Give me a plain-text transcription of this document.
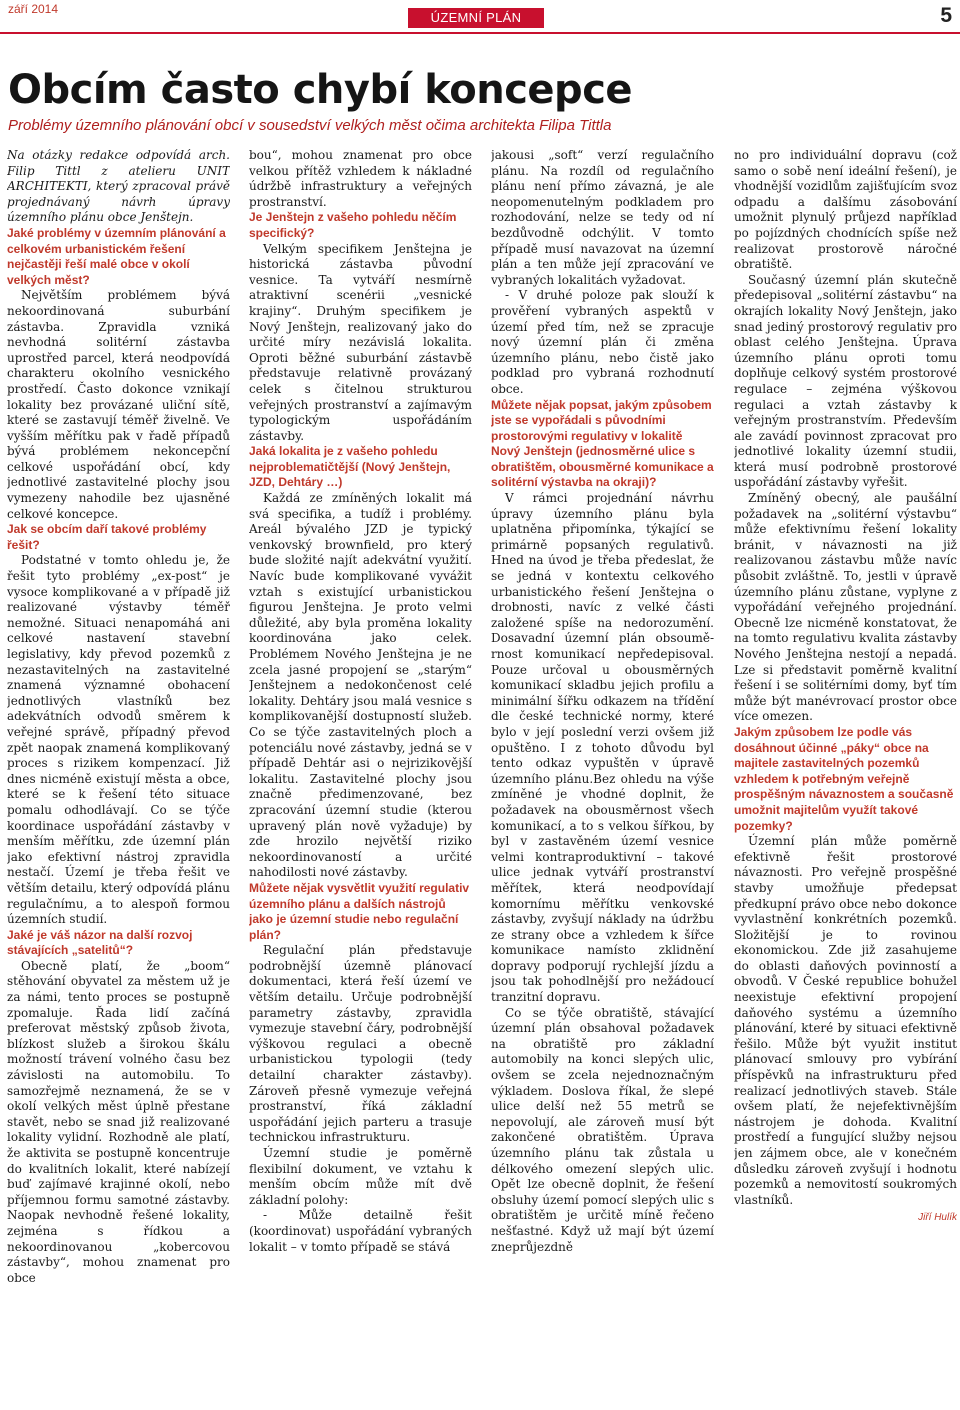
září 2014
ÚZEMNÍ PLÁN	5
Obcím často chybí koncepce

Problémy územního plánování obcí v sousedství velkých měst očima architekta Filipa Tittla

Na otázky redakce odpovídá arch. Filip Tittl z atelieru UNIT ARCHITEKTI, který zpracoval právě projednávaný návrh úpravy územního plánu obce Jenštejn.

Jaké problémy v územním plánování a celkovém urbanistickém řešení nejčastěji řeší malé obce v okolí velkých měst?

Největším problémem bývá nekoordinovaná suburbání zástavba. Zpravidla vzniká nevhodná solitérní zástavba uprostřed parcel, která neodpovídá charakteru okolního vesnického prostředí. Často dokonce vznikají lokality bez provázané uliční sítě, které se zastavují téměř živelně. Ve vyšším měřítku pak v řadě případů bývá problémem nekoncepční celkové uspořádání obcí, kdy jednotlivé zastavitelné plochy jsou vymezeny nahodile bez ujasněné celkové koncepce.

Jak se obcím daří takové problémy řešit?

Podstatné v tomto ohledu je, že řešit tyto problémy „ex-post“ je vysoce komplikované a v případě již realizované výstavby téměř nemožné. Situaci nenapomáhá ani celkové nastavení stavební legislativy, kdy převod pozemků z nezastavitelných na zastavitelné znamená významné obohacení jednotlivých vlastníků bez adekvátních odvodů směrem k veřejné správě, případný převod zpět naopak znamená komplikovaný proces s rizikem kompenzací. Již dnes nicméně existují města a obce, které se k řešení této situace pomalu odhodlávají. Co se týče koordinace uspořádání zástavby v menším měřítku, zde územní plán jako efektivní nástroj zpravidla nestačí. Území je třeba řešit ve větším detailu, který odpovídá plánu regulačnímu, a to alespoň formou územních studií.

Jaké je váš názor na další rozvoj stávajících „satelitů“?

Obecně platí, že „boom“ stěhování obyvatel za městem už je za námi, tento proces se postupně zpomaluje. Řada lidí začíná preferovat městský způsob života, blízkost služeb a širokou škálu možností trávení volného času bez závislosti na automobilu. To samozřejmě neznamená, že se v okolí velkých měst úplně přestane stavět, nebo se snad již realizované lokality vylidní. Rozhodně ale platí, že aktivita se postupně koncentruje do kvalitních lokalit, které nabízejí buď zajímavé krajinné okolí, nebo příjemnou formu samotné zástavby. Naopak nevhodně řešené lokality, zejména s řídkou a nekoordinovanou „kobercovou zástavby“, mohou znamenat pro obce

bou“, mohou znamenat pro obce velkou přítěž vzhledem k nákladné údržbě infrastruktury a veřejných prostranství.

Je Jenštejn z vašeho pohledu něčím specifický?

Velkým specifikem Jenštejna je historická zástavba původní vesnice. Ta vytváří nesmírně atraktivní scenérii „vesnické krajiny“. Druhým specifikem je Nový Jenštejn, realizovaný jako do určité míry nezávislá lokalita. Oproti běžné suburbání zástavbě představuje relativně provázaný celek s čitelnou strukturou veřejných prostranství a zajímavým typologickým uspořádáním zástavby.

Jaká lokalita je z vašeho pohledu nejproblematičtější (Nový Jenštejn, JZD, Dehtáry …)

Každá ze zmíněných lokalit má svá specifika, a tudíž i problémy. Areál bývalého JZD je typický venkovský brownfield, pro který bude složité najít adekvátní využití. Navíc bude komplikované vyvážit vztah s existující urbanistickou figurou Jenštejna. Je proto velmi důležité, aby byla proměna lokality koordinována jako celek. Problémem Nového Jenštejna je ne zcela jasné propojení se „starým“ Jenštejnem a nedokončenost celé lokality. Dehtáry jsou malá vesnice s komplikovanější dostupností služeb. Co se týče zastavitelných ploch a potenciálu nové zástavby, jedná se v případě Dehtár asi o nejrizikovější lokalitu. Zastavitelné plochy jsou značně předimenzované, bez zpracování územní studie (kterou upravený plán nově vyžaduje) by zde hrozilo největší riziko nekoordinovaností a určité nahodilosti nové zástavby.

Můžete nějak vysvětlit využití regulativ územního plánu a dalších nástrojů jako je územní studie nebo regulační plán?

Regulační plán představuje podrobnější územně plánovací dokumentaci, která řeší území ve větším detailu. Určuje podrobnější parametry zástavby, zpravidla vymezuje stavební čáry, podrobnější výškovou regulaci a obecně urbanistickou typologii (tedy detailní charakter zástavby). Zároveň přesně vymezuje veřejná prostranství, říká základní uspořádání jejich parteru a trasuje technickou infrastrukturu.

Územní studie je poměrně flexibilní dokument, ve vztahu k menším obcím může mít dvě základní polohy:

- Může detailně řešit (koordinovat) uspořádání vybraných lokalit – v tomto případě se stává

jakousi „soft“ verzí regulačního plánu. Na rozdíl od regulačního plánu není přímo závazná, je ale neopomenutelným podkladem pro rozhodování, nelze se tedy od ní bezdůvodně odchýlit. V tomto případě musí navazovat na územní plán a ten může její zpracování ve vybraných lokalitách vyžadovat.

- V druhé poloze pak slouží k prověření vybraných aspektů v území před tím, než se zpracuje nový územní plán či změna územního plánu, nebo čistě jako podklad pro vybraná rozhodnutí obce.

Můžete nějak popsat, jakým způsobem jste se vypořádali s původními prostorovými regulativy v lokalitě Nový Jenštejn (jednosměrné ulice s obratištěm, obousměrné komunikace a solitérní výstavba na okraji)?

V rámci projednání návrhu úpravy územního plánu byla uplatněna připomínka, týkající se primárně popsaných regulativů. Hned na úvod je třeba předeslat, že se jedná v kontextu celkového urbanistického řešení Jenštejna o drobnosti, navíc z velké části založené spíše na nedorozumění. Dosavadní územní plán obsouměrnost komunikací nepředepisoval. Pouze určoval u obousměrných komunikací skladbu jejich profilu a minimální šířku odkazem na třídění dle české technické normy, které bylo v její poslední verzi ovšem již opuštěno. I z tohoto důvodu byl tento odkaz vypuštěn v úpravě územního plánu.Bez ohledu na výše zmíněné je vhodné doplnit, že požadavek na obousměrnost všech komunikací, a to s velkou šířkou, by byl v zastavěném území vesnice velmi kontraproduktivní – takové ulice jednak vytváří prostranství měřítek, která neodpovídají komornímu měřítku venkovské zástavby, zvyšují náklady na údržbu ze strany obce a vzhledem k šířce komunikace namísto zklidnění dopravy podporují rychlejší jízdu a jsou tak pohodlnější pro nežádoucí tranzitní dopravu.

Co se týče obratiště, stávající územní plán obsahoval požadavek na obratiště pro základní automobily na konci slepých ulic, ovšem se zcela nejednoznačným výkladem. Doslova říkal, že slepé ulice delší než 55 metrů se nepovolují, ale zároveň musí být zakončené obratištěm. Úprava územního plánu tak zůstala u délkového omezení slepých ulic. Opět lze obecně doplnit, že řešení obsluhy území pomocí slepých ulic s obratištěm je určitě míně řečeno nešťastné. Když už mají být území zneprůjezdně

no pro individuální dopravu (což samo o sobě není ideální řešení), je vhodnější vozidlům zajišťujícím svoz odpadu a dalšímu zásobování umožnit plynulý průjezd například po pojízdných chodnících spíše než realizovat prostorově náročné obratiště.

Současný územní plán skutečně předepisoval „solitérní zástavbu“ na okrajích lokality Nový Jenštejn, jako snad jediný prostorový regulativ pro oblast celého Jenštejna. Úprava územního plánu oproti tomu doplňuje celkový systém prostorové regulace – zejména výškovou regulaci a vztah zástavby k veřejným prostranstvím. Především ale zavádí povinnost zpracovat pro jednotlivé lokality územní studii, která musí podrobně prostorové uspořádání zástavby vyřešit.

Zmíněný obecný, ale paušální požadavek na „solitérní výstavbu“ může efektivnímu řešení lokality bránit, v návaznosti na již realizovanou zástavbu může navíc působit zvláštně. To, jestli v úpravě územního plánu zůstane, vyplyne z vypořádání veřejného projednání. Obecně lze nicméně konstatovat, že na tomto regulativu kvalita zástavby Nového Jenštejna nestojí a nepadá. Lze si představit poměrně kvalitní řešení i se solitérními domy, byť tím může být manévrovací prostor obce více omezen.

Jakým způsobem lze podle vás dosáhnout účinné „páky“ obce na majitele zastavitelných pozemků vzhledem k potřebným veřejně prospěšným návaznostem a současně umožnit majitelům využít takové pozemky?

Územní plán může poměrně efektivně řešit prostorové návaznosti. Pro veřejně prospěšné stavby umožňuje předepsat předkupní právo obce nebo dokonce vyvlastnění konkrétních pozemků. Složitější je to rovinou ekonomickou. Zde již zasahujeme do oblasti daňových povinností a obvodů. V České republice bohužel neexistuje efektivní propojení daňového systému a územního plánování, které by situaci efektivně řešilo. Může být využit institut plánovací smlouvy pro vybírání příspěvků na infrastrukturu před realizací jednotlivých staveb. Stále ovšem platí, že nejefektivnějším nástrojem je dohoda. Kvalitní prostředí a fungující služby nejsou jen zájmem obce, ale v konečném důsledku zároveň zvyšují i hodnotu pozemků a nemovitostí soukromých vlastníků.

Jiří Hulík
